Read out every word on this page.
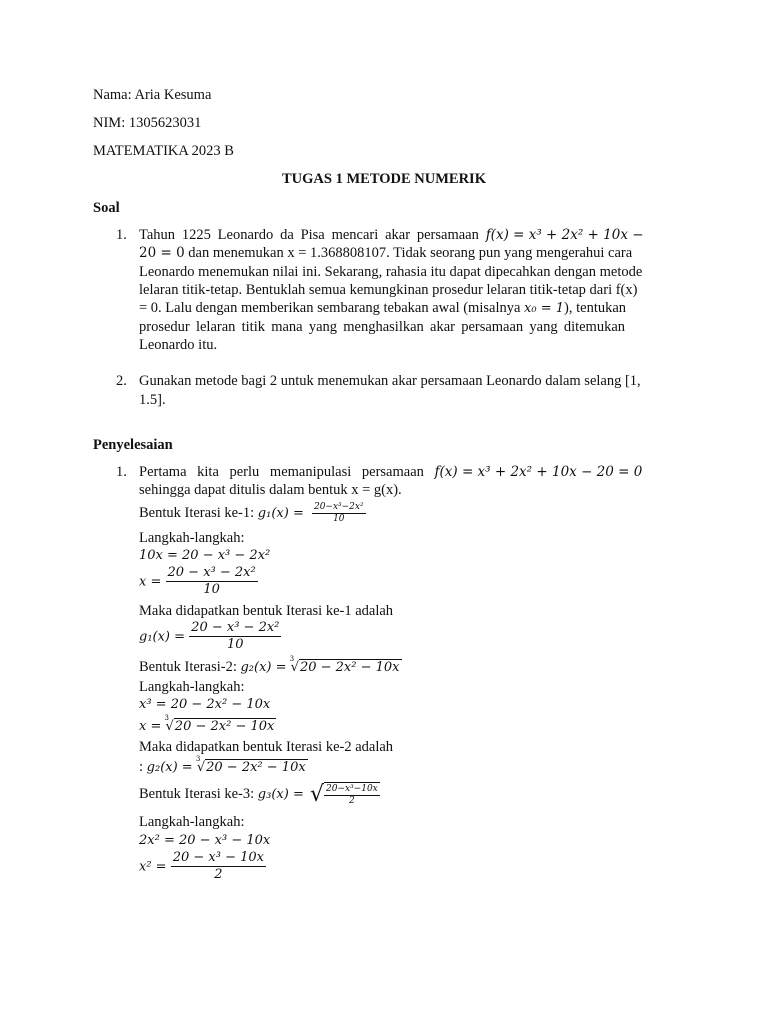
Nama: Aria Kesuma
NIM: 1305623031
MATEMATIKA 2023 B
TUGAS 1 METODE NUMERIK
Soal
1. Tahun 1225 Leonardo da Pisa mencari akar persamaan f(x) = x³ + 2x² + 10x −
20 = 0 dan menemukan x = 1.368808107. Tidak seorang pun yang mengerahui cara
Leonardo menemukan nilai ini. Sekarang, rahasia itu dapat dipecahkan dengan metode
lelaran titik-tetap. Bentuklah semua kemungkinan prosedur lelaran titik-tetap dari f(x)
= 0. Lalu dengan memberikan sembarang tebakan awal (misalnya x₀ = 1), tentukan
prosedur lelaran titik mana yang menghasilkan akar persamaan yang ditemukan
Leonardo itu.
2. Gunakan metode bagi 2 untuk menemukan akar persamaan Leonardo dalam selang [1,
1.5].
Penyelesaian
1. Pertama kita perlu memanipulasi persamaan f(x) = x³ + 2x² + 10x − 20 = 0
sehingga dapat ditulis dalam bentuk x = g(x).
Bentuk Iterasi ke-1: $g_1(x) = \frac{\text{20−x³−2x²}}{10}$
Langkah-langkah:
10x = 20 − x³ − 2x²
$x = \frac{\text{20 − x³ − 2x²}}{10}$
Maka didapatkan bentuk Iterasi ke-1 adalah
$g_1(x) = \frac{\text{20 − x³ − 2x²}}{10}$
Bentuk Iterasi-2: g₂(x) =
3
√20 − 2x² − 10x
Langkah-langkah:
x³ = 20 − 2x² − 10x
x =
3
√20 − 2x² − 10x
Maka didapatkan bentuk Iterasi ke-2 adalah
: g₂(x) =
3
√20 − 2x² − 10x
Bentuk Iterasi ke-3: g₃(x) = √ $\frac{\text{20−x³−10x}}{2}$
Langkah-langkah:
2x² = 20 − x³ − 10x
$x^2 = \frac{\text{20 − x³ − 10x}}{2}$
